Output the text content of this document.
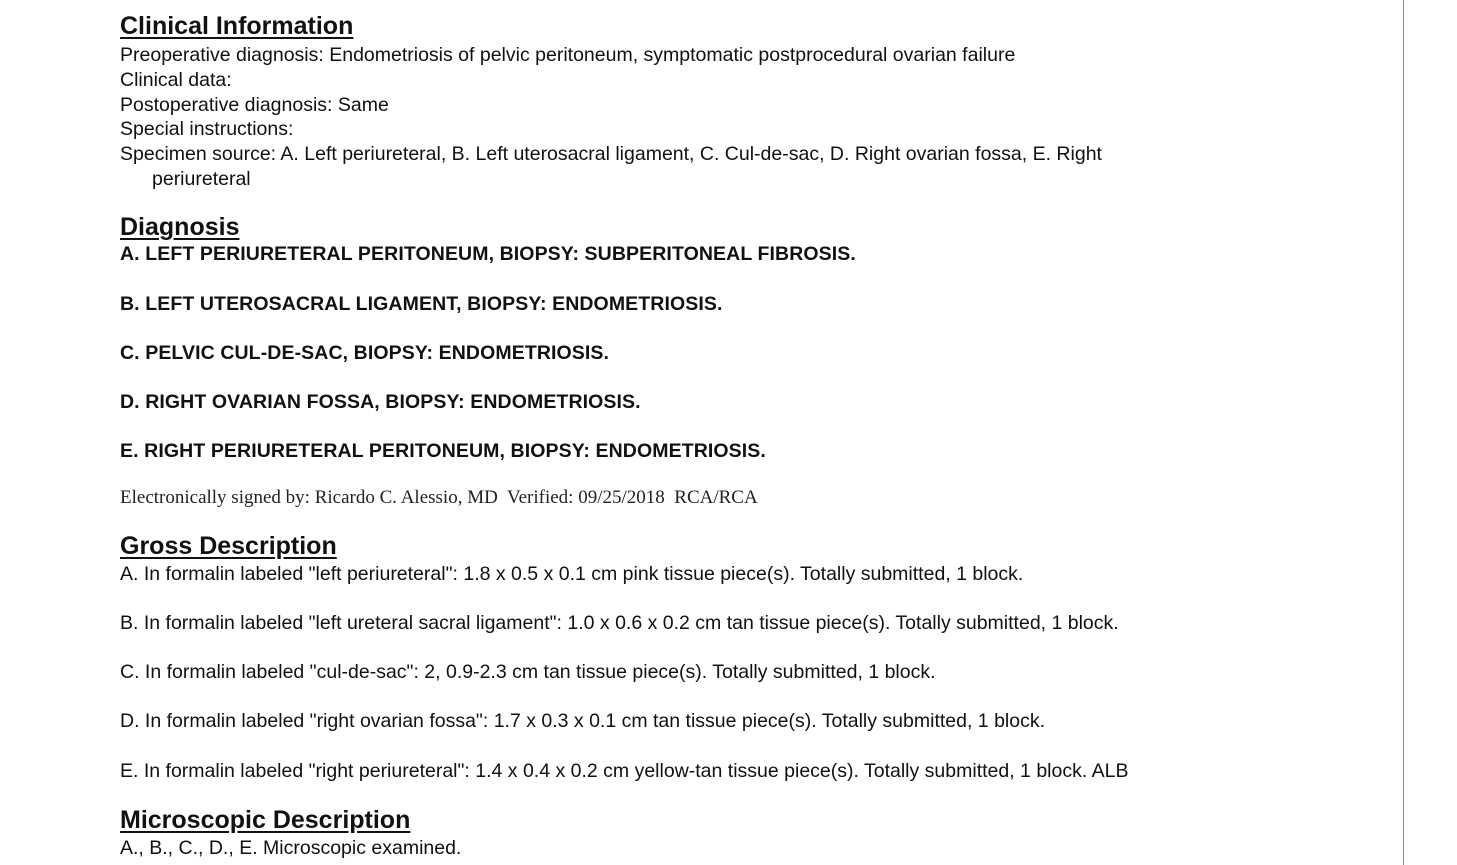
Clinical Information
Preoperative diagnosis: Endometriosis of pelvic peritoneum, symptomatic postprocedural ovarian failure
Clinical data:
Postoperative diagnosis: Same
Special instructions:
Specimen source: A. Left periureteral, B. Left uterosacral ligament, C. Cul-de-sac, D. Right ovarian fossa, E. Right
periureteral
Diagnosis
A. LEFT PERIURETERAL PERITONEUM, BIOPSY: SUBPERITONEAL FIBROSIS.
B. LEFT UTEROSACRAL LIGAMENT, BIOPSY: ENDOMETRIOSIS.
C. PELVIC CUL-DE-SAC, BIOPSY: ENDOMETRIOSIS.
D. RIGHT OVARIAN FOSSA, BIOPSY: ENDOMETRIOSIS.
E. RIGHT PERIURETERAL PERITONEUM, BIOPSY: ENDOMETRIOSIS.
Electronically signed by: Ricardo C. Alessio, MD  Verified: 09/25/2018  RCA/RCA
Gross Description
A. In formalin labeled "left periureteral": 1.8 x 0.5 x 0.1 cm pink tissue piece(s). Totally submitted, 1 block.
B. In formalin labeled "left ureteral sacral ligament": 1.0 x 0.6 x 0.2 cm tan tissue piece(s). Totally submitted, 1 block.
C. In formalin labeled "cul-de-sac": 2, 0.9-2.3 cm tan tissue piece(s). Totally submitted, 1 block.
D. In formalin labeled "right ovarian fossa": 1.7 x 0.3 x 0.1 cm tan tissue piece(s). Totally submitted, 1 block.
E. In formalin labeled "right periureteral": 1.4 x 0.4 x 0.2 cm yellow-tan tissue piece(s). Totally submitted, 1 block. ALB
Microscopic Description
A., B., C., D., E. Microscopic examined.
